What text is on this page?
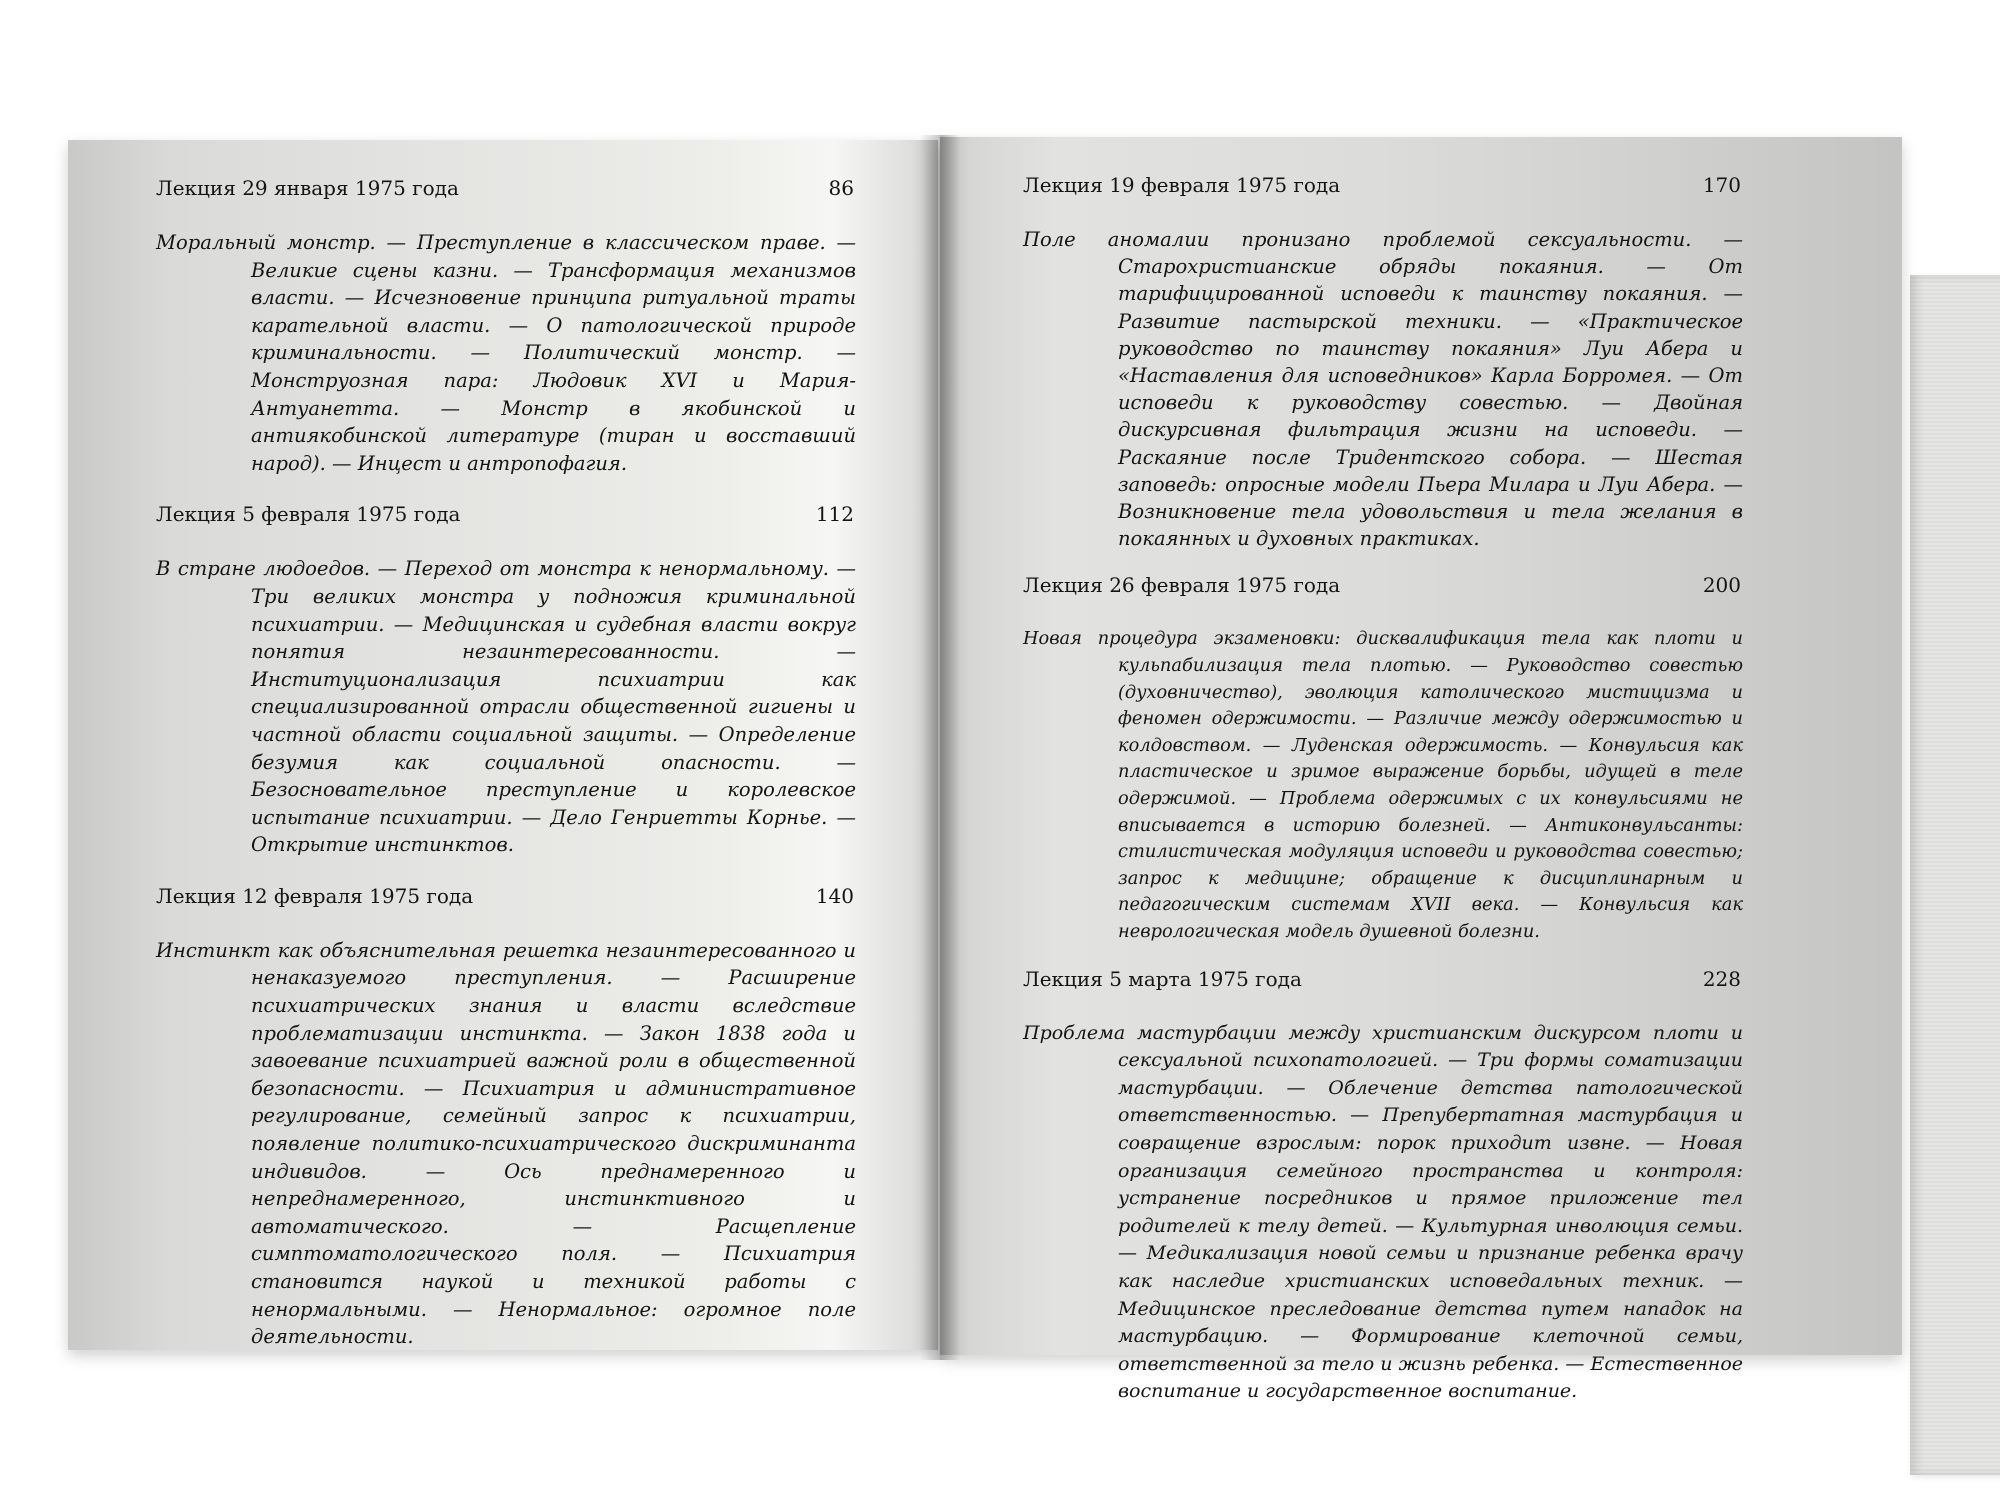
Лекция 29 января 1975 года	86
Моральный монстр. — Преступление в классическом праве. — Великие сцены казни. — Трансформация механизмов власти. — Исчезновение принципа ритуальной траты карательной власти. — О патологической природе криминальности. — Политический монстр. — Монструозная пара: Людовик XVI и Мария-Антуанетта. — Монстр в якобинской и антиякобинской литературе (тиран и восставший народ). — Инцест и антропофагия.
Лекция 5 февраля 1975 года	112
В стране людоедов. — Переход от монстра к ненормальному. — Три великих монстра у подножия криминальной психиатрии. — Медицинская и судебная власти вокруг понятия незаинтересованности. — Институционализация психиатрии как специализированной отрасли общественной гигиены и частной области социальной защиты. — Определение безумия как социальной опасности. — Безосновательное преступление и королевское испытание психиатрии. — Дело Генриетты Корнье. — Открытие инстинктов.
Лекция 12 февраля 1975 года	140
Инстинкт как объяснительная решетка незаинтересованного и ненаказуемого преступления. — Расширение психиатрических знания и власти вследствие проблематизации инстинкта. — Закон 1838 года и завоевание психиатрией важной роли в общественной безопасности. — Психиатрия и административное регулирование, семейный запрос к психиатрии, появление политико-психиатрического дискриминанта индивидов. — Ось преднамеренного и непреднамеренного, инстинктивного и автоматического. — Расщепление симптоматологического поля. — Психиатрия становится наукой и техникой работы с ненормальными. — Ненормальное: огромное поле деятельности.
Лекция 19 февраля 1975 года	170
Поле аномалии пронизано проблемой сексуальности. — Старохристианские обряды покаяния. — От тарифицированной исповеди к таинству покаяния. — Развитие пастырской техники. — «Практическое руководство по таинству покаяния» Луи Абера и «Наставления для исповедников» Карла Борромея. — От исповеди к руководству совестью. — Двойная дискурсивная фильтрация жизни на исповеди. — Раскаяние после Тридентского собора. — Шестая заповедь: опросные модели Пьера Милара и Луи Абера. — Возникновение тела удовольствия и тела желания в покаянных и духовных практиках.
Лекция 26 февраля 1975 года	200
Новая процедура экзаменовки: дисквалификация тела как плоти и кульпабилизация тела плотью. — Руководство совестью (духовничество), эволюция католического мистицизма и феномен одержимости. — Различие между одержимостью и колдовством. — Луденская одержимость. — Конвульсия как пластическое и зримое выражение борьбы, идущей в теле одержимой. — Проблема одержимых с их конвульсиями не вписывается в историю болезней. — Антиконвульсанты: стилистическая модуляция исповеди и руководства совестью; запрос к медицине; обращение к дисциплинарным и педагогическим системам XVII века. — Конвульсия как неврологическая модель душевной болезни.
Лекция 5 марта 1975 года	228
Проблема мастурбации между христианским дискурсом плоти и сексуальной психопатологией. — Три формы соматизации мастурбации. — Облечение детства патологической ответственностью. — Препубертатная мастурбация и совращение взрослым: порок приходит извне. — Новая организация семейного пространства и контроля: устранение посредников и прямое приложение тел родителей к телу детей. — Культурная инволюция семьи. — Медикализация новой семьи и признание ребенка врачу как наследие христианских исповедальных техник. — Медицинское преследование детства путем нападок на мастурбацию. — Формирование клеточной семьи, ответственной за тело и жизнь ребенка. — Естественное воспитание и государственное воспитание.
